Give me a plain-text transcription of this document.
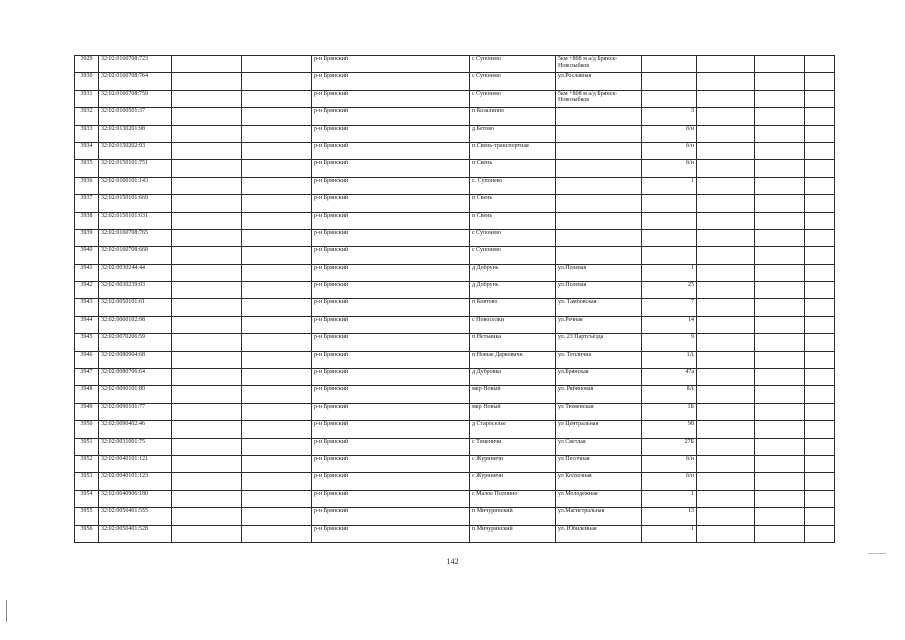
3929	32:02:0160708:723			р-н Брянский	с Супонево	5км +808 м а/д Брянск-Новозыбков				
3930	32:02:0160708:764			р-н Брянский	с Супонево	ул.Рославная				
3931	32:02:0160708:759			р-н Брянский	с Супонево	5км +808 м а/д Брянск-Новозыбков				
3932	32:02:0100501:37			р-н Брянский	п Козалипно		3			
3933	32:02:0130201:98			р-н Брянский	д Бетово		б/н			
3934	32:02:0150202:93			р-н Брянский	п Свень-транспортная		б/н			
3935	32:02:0150101:751			р-н Брянский	п Свень		б/н			
3936	32:02:0160101:143			р-н Брянский	с. Супонево		1			
3937	32:02:0150101:669			р-н Брянский	п Свень					
3938	32:02:0150101:631			р-н Брянский	п Свень					
3939	32:02:0160708:765			р-н Брянский	с Супонево					
3940	32:02:0160708:668			р-н Брянский	с Супонево					
3941	32:02:0030244:44			р-н Брянский	д Добрунь	ул.Полевая	1			
3942	32:02:0030239:03			р-н Брянский	д Добрунь	ул.Полевая	25			
3943	32:02:0050101:61			р-н Брянский	п Ковтово	ул. Тамбовская	7			
3944	32:02:0060102:98			р-н Брянский	с Новоселки	ул.Речная	14			
3945	32:02:0070206:59			р-н Брянский	п Нетьинка	ул. 23 Партсъезда	9			
3946	32:02:0080904:68			р-н Брянский	п Новые Дарковичи	ул. Теплична	1А			
3947	32:02:0080706:64			р-н Брянский	д Дубровка	ул.Брянская	47а			
3948	32:02:0090101:80			р-н Брянский	мкр Новый	ул. Рябиновая	8А			
3949	32:02:0090101:77			р-н Брянский	мкр Новый	ул Тюменская	1Б			
3950	32:02:0090402:46			р-н Брянский	д Староселье	ул Центральная	98			
3951	32:02:0031001:75			р-н Брянский	с Теменичи	ул Светлая	27Б			
3952	32:02:0040101:121			р-н Брянский	с Журиничи	ул Песочная	б/н			
3953	32:02:0040101:123			р-н Брянский	с Журиничи	ул Колхозная	б/н			
3954	32:02:0040906:180			р-н Брянский	с Малое Полпино	ул Молодежная	1			
3955	32:02:0050401:555			р-н Брянский	п Мичуринский	ул.Магистральная	13			
3956	32:02:0050401:528			р-н Брянский	п Мичуринский	ул. Юбилейная	1			
142
